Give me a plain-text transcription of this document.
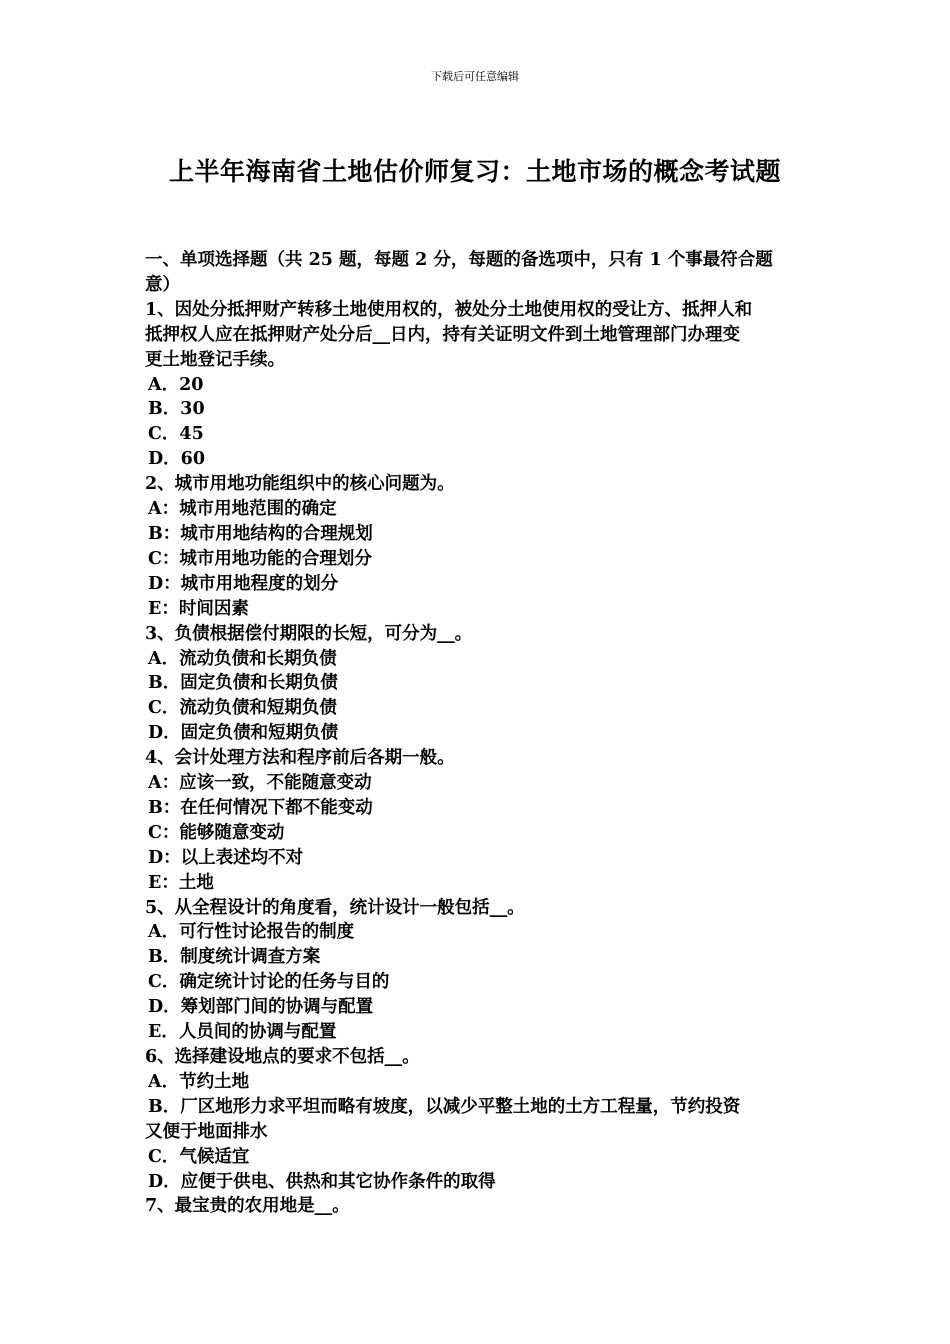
下载后可任意编辑
上半年海南省土地估价师复习：土地市场的概念考试题
一、单项选择题（共 25 题，每题 2 分，每题的备选项中，只有 1 个事最符合题
意）
1、因处分抵押财产转移土地使用权的，被处分土地使用权的受让方、抵押人和
抵押权人应在抵押财产处分后__日内，持有关证明文件到土地管理部门办理变
更土地登记手续。
A．20
B．30
C．45
D．60
2、城市用地功能组织中的核心问题为。
A：城市用地范围的确定
B：城市用地结构的合理规划
C：城市用地功能的合理划分
D：城市用地程度的划分
E：时间因素
3、负债根据偿付期限的长短，可分为__。
A．流动负债和长期负债
B．固定负债和长期负债
C．流动负债和短期负债
D．固定负债和短期负债
4、会计处理方法和程序前后各期一般。
A：应该一致，不能随意变动
B：在任何情况下都不能变动
C：能够随意变动
D：以上表述均不对
E：土地
5、从全程设计的角度看，统计设计一般包括__。
A．可行性讨论报告的制度
B．制度统计调查方案
C．确定统计讨论的任务与目的
D．筹划部门间的协调与配置
E．人员间的协调与配置
6、选择建设地点的要求不包括__。
A．节约土地
B．厂区地形力求平坦而略有坡度，以减少平整土地的土方工程量，节约投资
又便于地面排水
C．气候适宜
D．应便于供电、供热和其它协作条件的取得
7、最宝贵的农用地是__。
